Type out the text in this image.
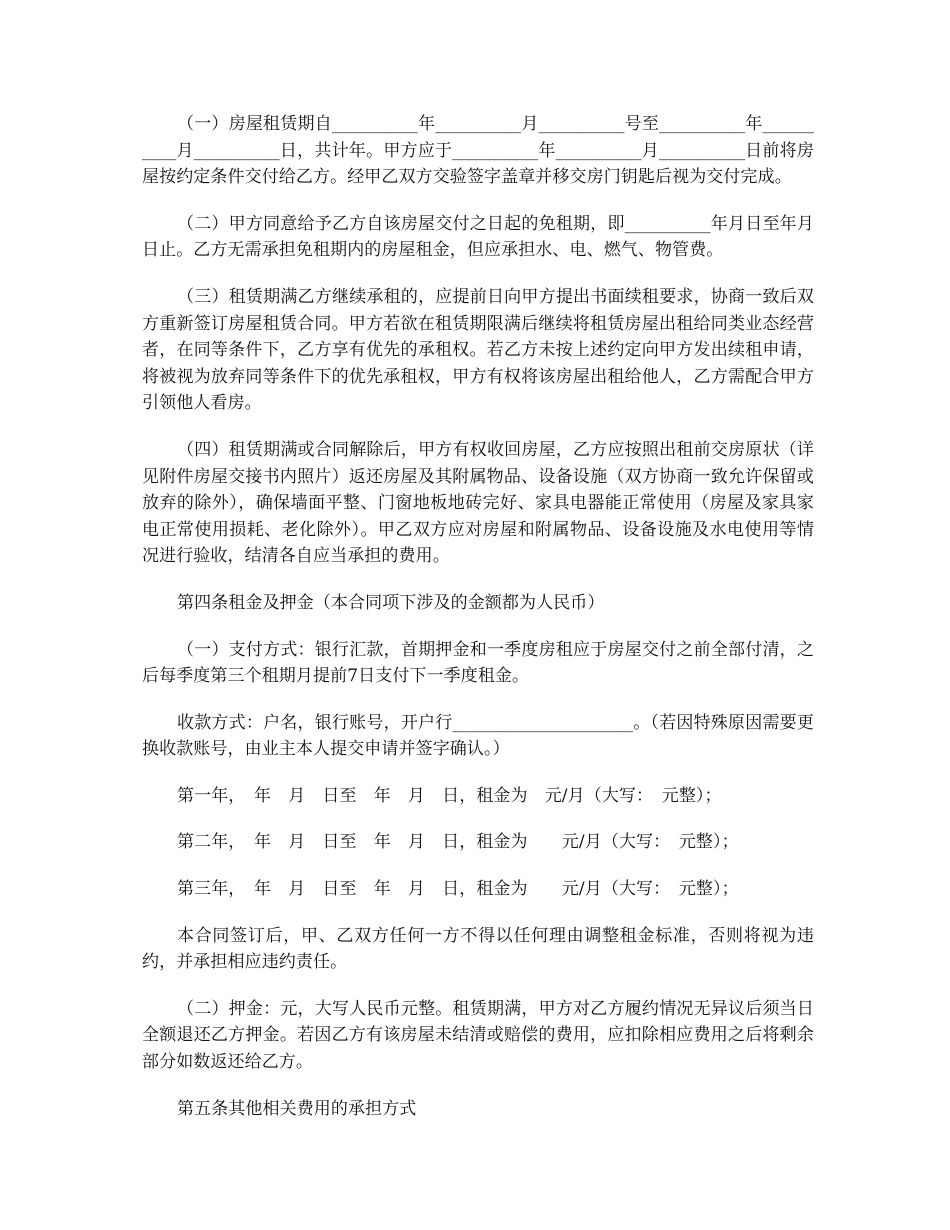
（一）房屋租赁期自__________年__________月__________号至__________年__________月__________日，共计年。甲方应于__________年__________月__________日前将房屋按约定条件交付给乙方。经甲乙双方交验签字盖章并移交房门钥匙后视为交付完成。

（二）甲方同意给予乙方自该房屋交付之日起的免租期，即__________年月日至年月日止。乙方无需承担免租期内的房屋租金，但应承担水、电、燃气、物管费。

（三）租赁期满乙方继续承租的，应提前日向甲方提出书面续租要求，协商一致后双方重新签订房屋租赁合同。甲方若欲在租赁期限满后继续将租赁房屋出租给同类业态经营者，在同等条件下，乙方享有优先的承租权。若乙方未按上述约定向甲方发出续租申请，将被视为放弃同等条件下的优先承租权，甲方有权将该房屋出租给他人，乙方需配合甲方引领他人看房。

（四）租赁期满或合同解除后，甲方有权收回房屋，乙方应按照出租前交房原状（详见附件房屋交接书内照片）返还房屋及其附属物品、设备设施（双方协商一致允许保留或放弃的除外），确保墙面平整、门窗地板地砖完好、家具电器能正常使用（房屋及家具家电正常使用损耗、老化除外）。甲乙双方应对房屋和附属物品、设备设施及水电使用等情况进行验收，结清各自应当承担的费用。

第四条租金及押金（本合同项下涉及的金额都为人民币）

（一）支付方式：银行汇款，首期押金和一季度房租应于房屋交付之前全部付清，之后每季度第三个租期月提前7日支付下一季度租金。

收款方式：户名，银行账号，开户行_____________________。（若因特殊原因需要更换收款账号，由业主本人提交申请并签字确认。）

第一年，　年　月　日至　年　月　日，租金为　元/月（大写：　元整）；

第二年，　年　月　日至　年　月　日，租金为　　元/月（大写：　元整）；

第三年，　年　月　日至　年　月　日，租金为　　元/月（大写：　元整）；

本合同签订后，甲、乙双方任何一方不得以任何理由调整租金标准，否则将视为违约，并承担相应违约责任。

（二）押金：元，大写人民币元整。租赁期满，甲方对乙方履约情况无异议后须当日全额退还乙方押金。若因乙方有该房屋未结清或赔偿的费用，应扣除相应费用之后将剩余部分如数返还给乙方。

第五条其他相关费用的承担方式
